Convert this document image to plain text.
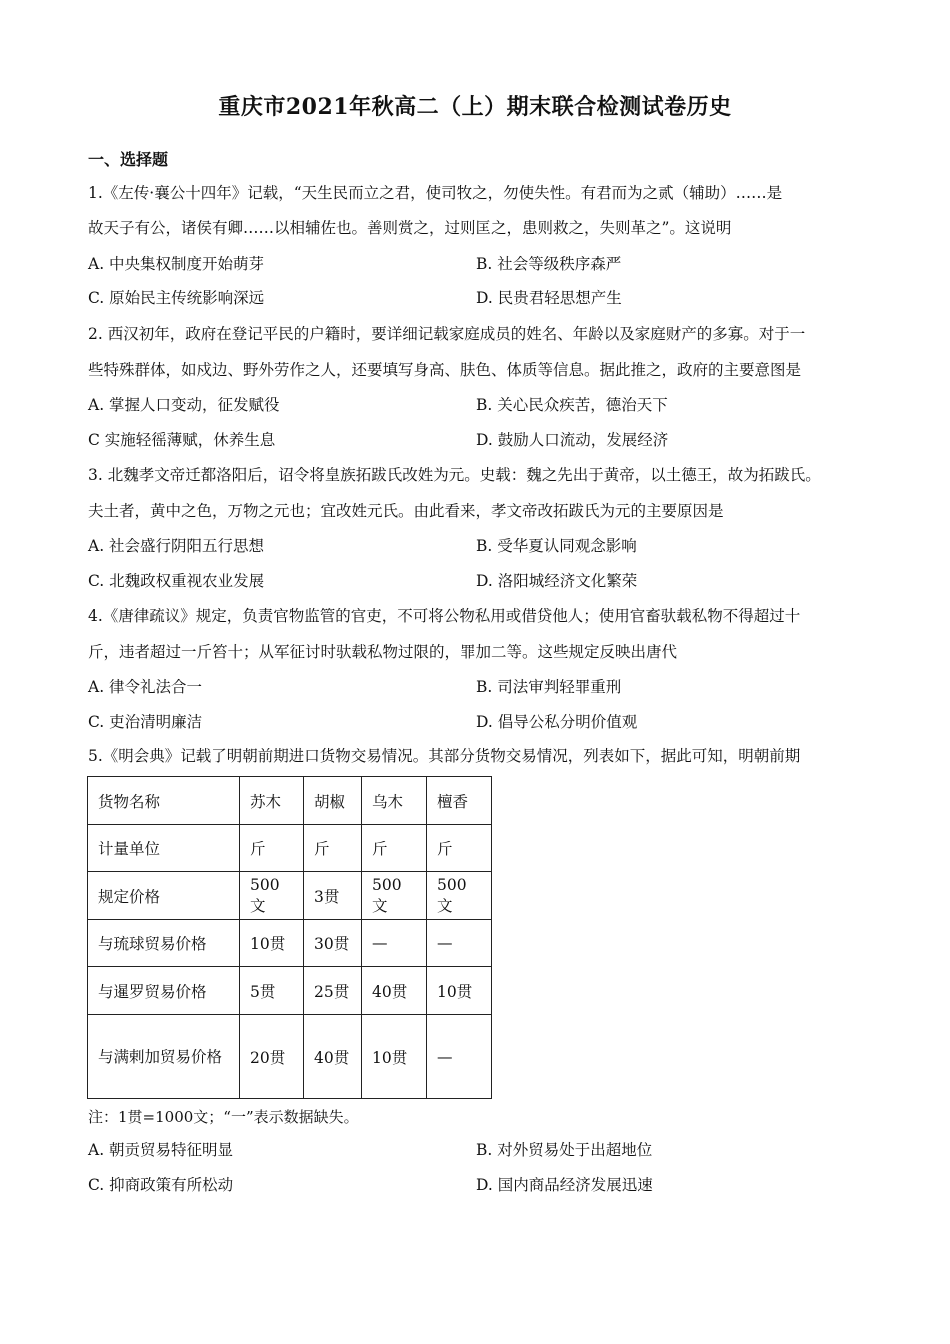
重庆市2021年秋高二（上）期末联合检测试卷历史
一、选择题
1.《左传·襄公十四年》记载，“天生民而立之君，使司牧之，勿使失性。有君而为之贰（辅助）……是
故天子有公，诸侯有卿……以相辅佐也。善则赏之，过则匡之，患则救之，失则革之”。这说明
A. 中央集权制度开始萌芽	B. 社会等级秩序森严
C. 原始民主传统影响深远	D. 民贵君轻思想产生
2. 西汉初年，政府在登记平民的户籍时，要详细记载家庭成员的姓名、年龄以及家庭财产的多寡。对于一
些特殊群体，如戍边、野外劳作之人，还要填写身高、肤色、体质等信息。据此推之，政府的主要意图是
A. 掌握人口变动，征发赋役	B. 关心民众疾苦，德治天下
C 实施轻徭薄赋，休养生息	D. 鼓励人口流动，发展经济
3. 北魏孝文帝迁都洛阳后，诏令将皇族拓跋氏改姓为元。史载：魏之先出于黄帝，以土德王，故为拓跋氏。
夫土者，黄中之色，万物之元也；宜改姓元氏。由此看来，孝文帝改拓跋氏为元的主要原因是
A. 社会盛行阴阳五行思想	B. 受华夏认同观念影响
C. 北魏政权重视农业发展	D. 洛阳城经济文化繁荣
4.《唐律疏议》规定，负责官物监管的官吏，不可将公物私用或借贷他人；使用官畜驮载私物不得超过十
斤，违者超过一斤笞十；从军征讨时驮载私物过限的，罪加二等。这些规定反映出唐代
A. 律令礼法合一	B. 司法审判轻罪重刑
C. 吏治清明廉洁	D. 倡导公私分明价值观
5.《明会典》记载了明朝前期进口货物交易情况。其部分货物交易情况，列表如下，据此可知，明朝前期
货物名称	苏木	胡椒	乌木	檀香
计量单位	斤	斤	斤	斤
规定价格	500文	3贯	500文	500文
与琉球贸易价格	10贯	30贯	—	—
与暹罗贸易价格	5贯	25贯	40贯	10贯
与满剌加贸易价格	20贯	40贯	10贯	—
注：1贯=1000文；“一”表示数据缺失。
A. 朝贡贸易特征明显	B. 对外贸易处于出超地位
C. 抑商政策有所松动	D. 国内商品经济发展迅速
